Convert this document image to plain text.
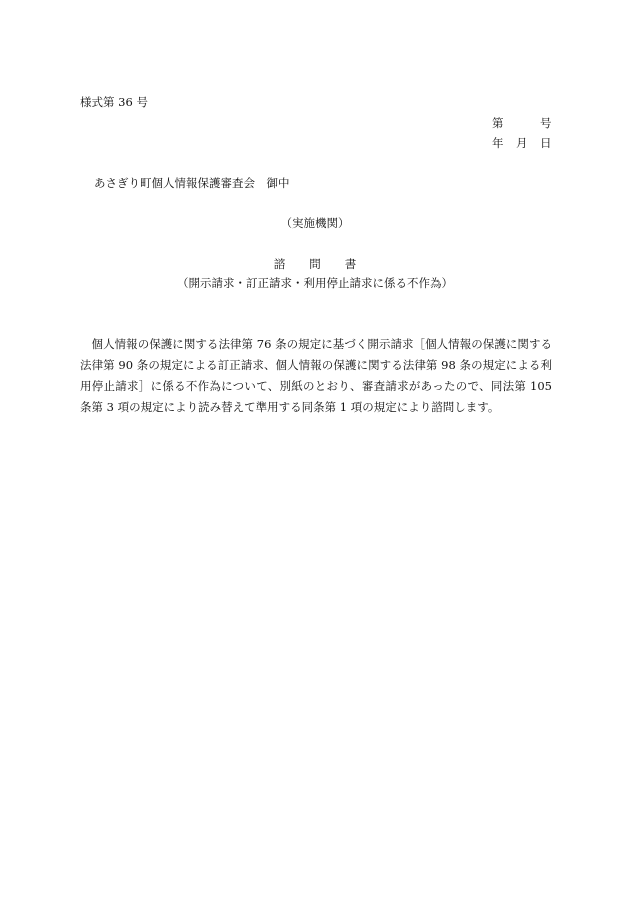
様式第 36 号
第	号
年 月 日
あさぎり町個人情報保護審査会　御中
（実施機関）
諮 問 書
（開示請求・訂正請求・利用停止請求に係る不作為）
　個人情報の保護に関する法律第 76 条の規定に基づく開示請求［個人情報の保護に関する
法律第 90 条の規定による訂正請求、個人情報の保護に関する法律第 98 条の規定による利
用停止請求］に係る不作為について、別紙のとおり、審査請求があったので、同法第 105
条第 3 項の規定により読み替えて準用する同条第 1 項の規定により諮問します。
